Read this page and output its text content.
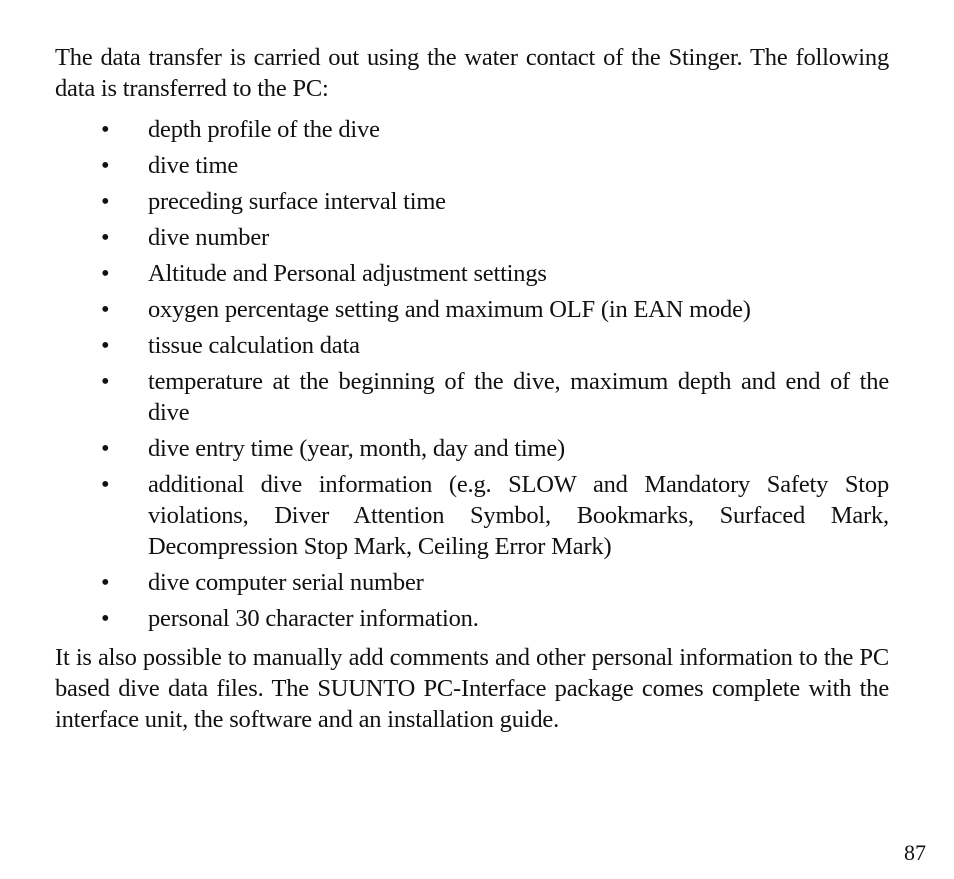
The data transfer is carried out using the water contact of the Stinger. The following data is transferred to the PC:

• depth profile of the dive
• dive time
• preceding surface interval time
• dive number
• Altitude and Personal adjustment settings
• oxygen percentage setting and maximum OLF (in EAN mode)
• tissue calculation data
• temperature at the beginning of the dive, maximum depth and end of the dive
• dive entry time (year, month, day and time)
• additional dive information (e.g. SLOW and Mandatory Safety Stop violations, Diver Attention Symbol, Bookmarks, Surfaced Mark, Decompression Stop Mark, Ceiling Error Mark)
• dive computer serial number
• personal 30 character information.

It is also possible to manually add comments and other personal information to the PC based dive data files. The SUUNTO PC-Interface package comes complete with the interface unit, the software and an installation guide.

87
